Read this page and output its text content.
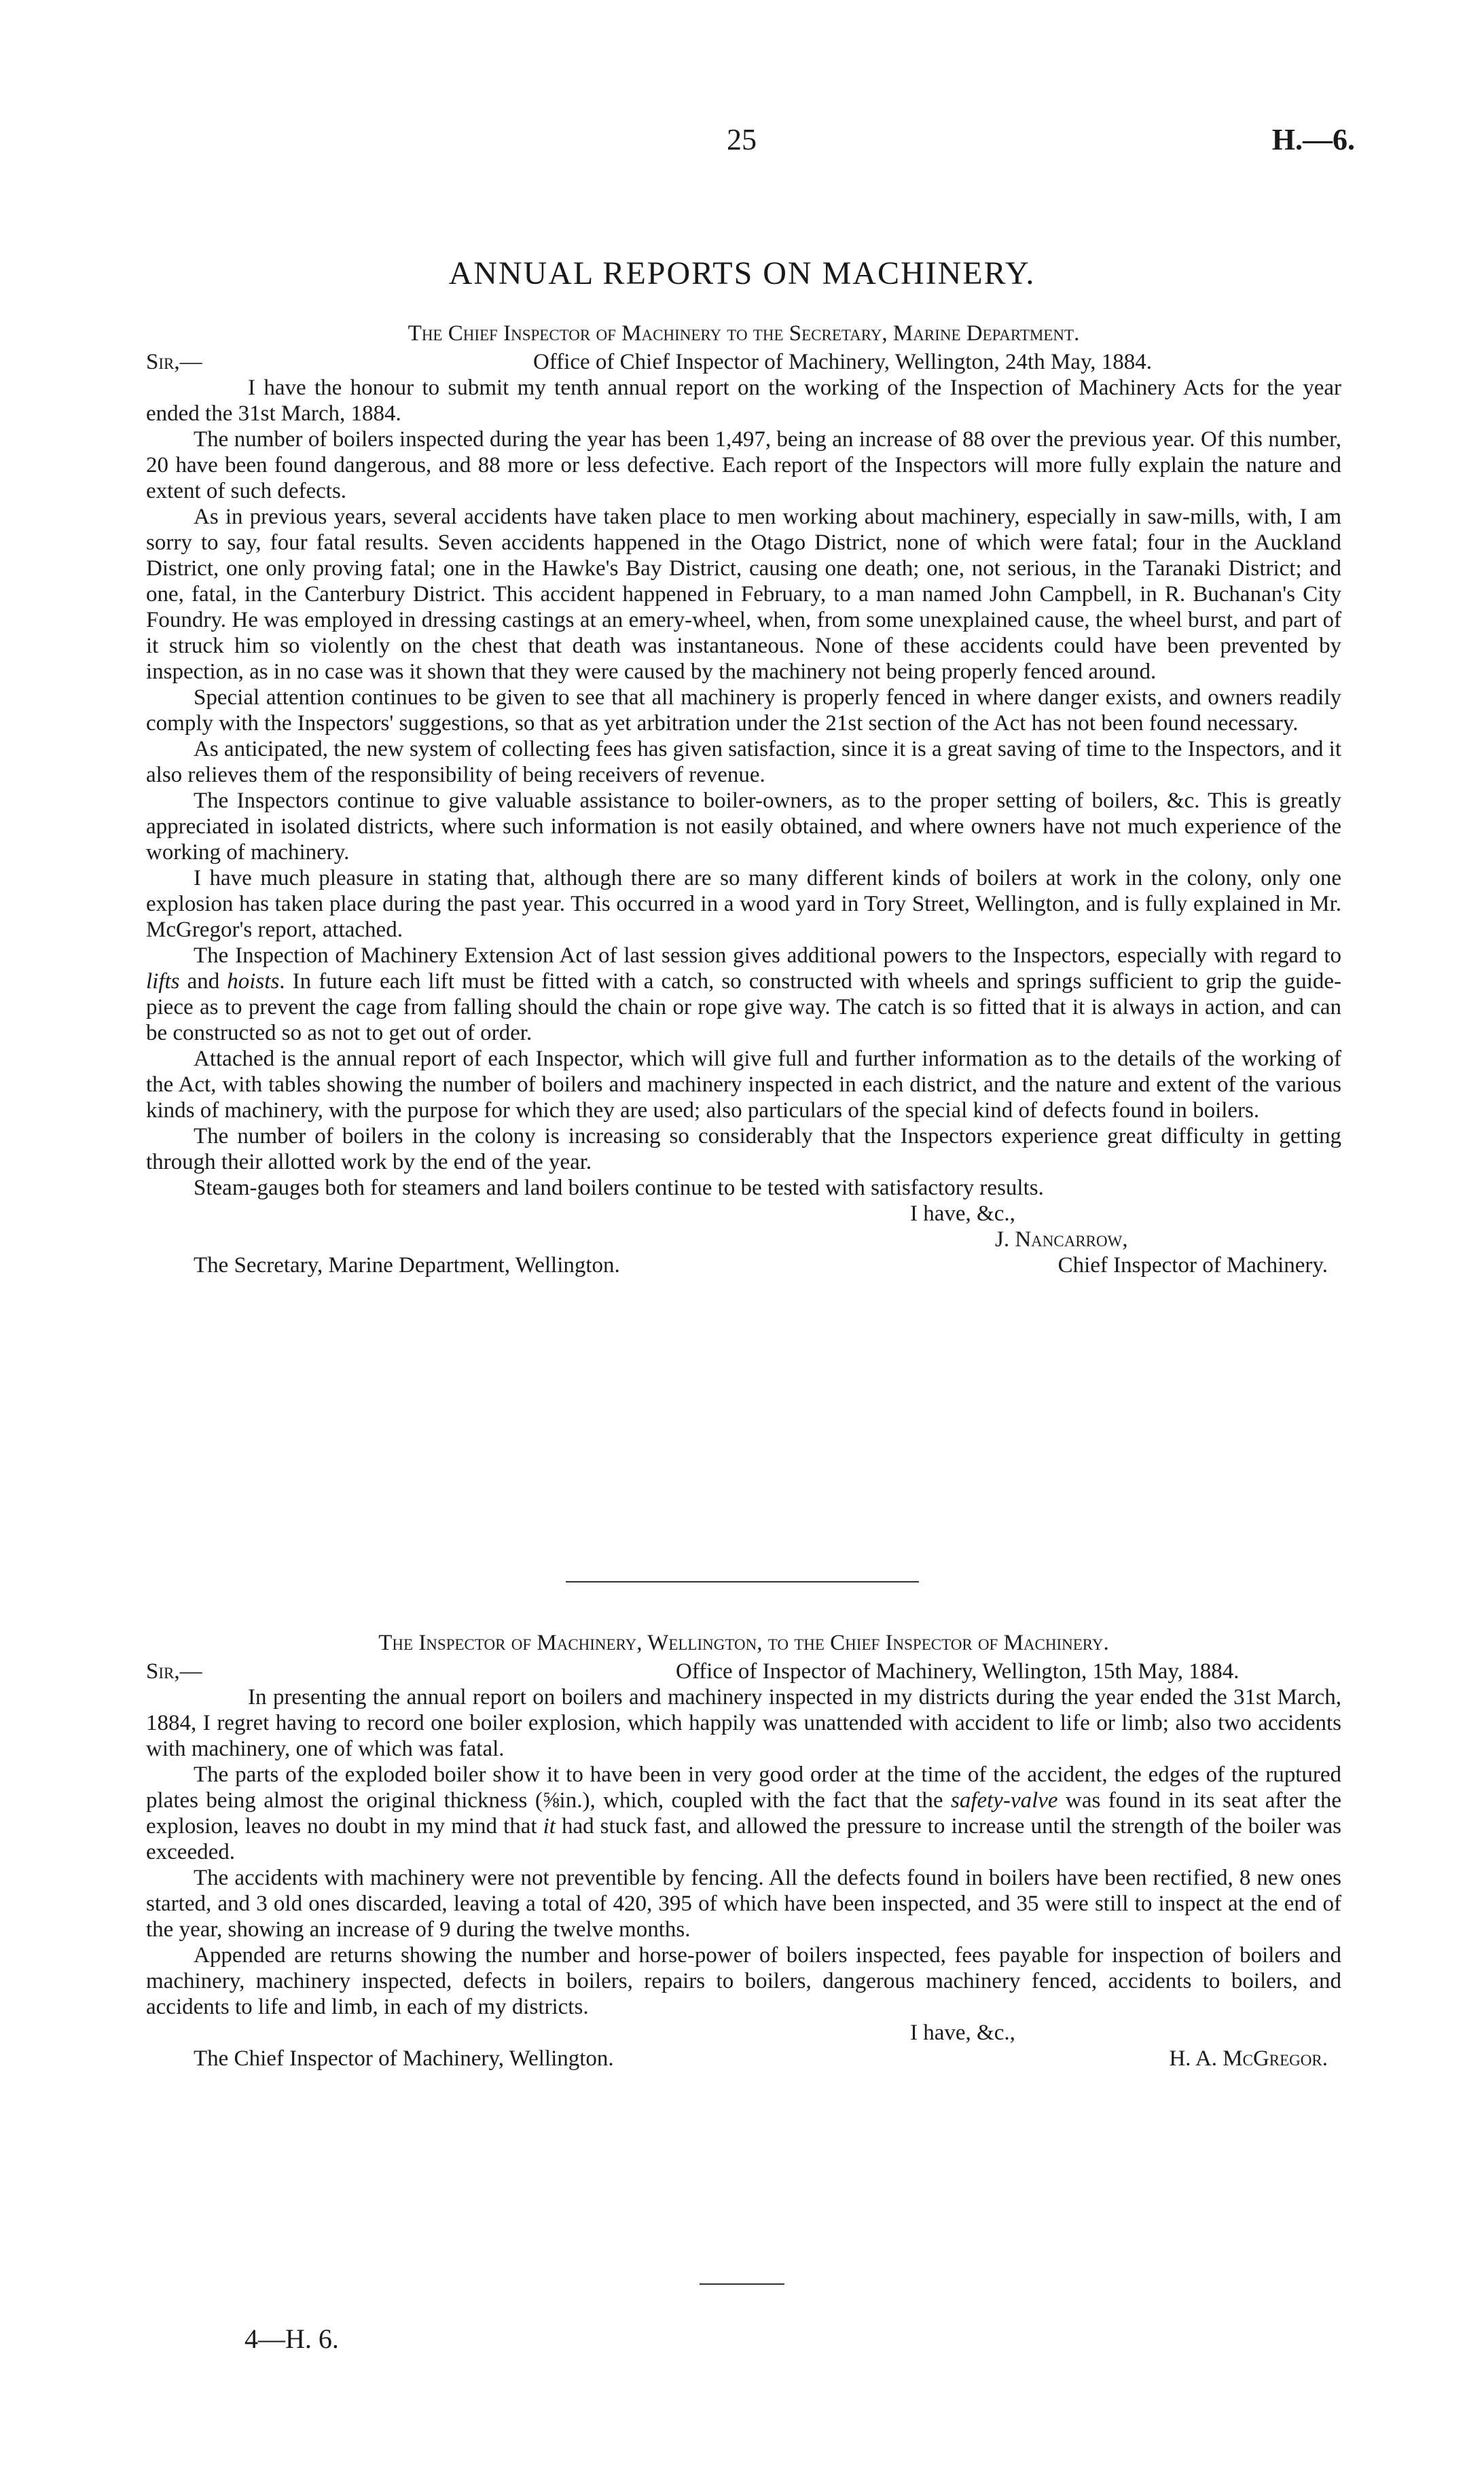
25	H.—6.
ANNUAL REPORTS ON MACHINERY.
The Chief Inspector of Machinery to the Secretary, Marine Department.
Sir,—	Office of Chief Inspector of Machinery, Wellington, 24th May, 1884.

I have the honour to submit my tenth annual report on the working of the Inspection of Machinery Acts for the year ended the 31st March, 1884.

The number of boilers inspected during the year has been 1,497, being an increase of 88 over the previous year. Of this number, 20 have been found dangerous, and 88 more or less defective. Each report of the Inspectors will more fully explain the nature and extent of such defects.

As in previous years, several accidents have taken place to men working about machinery, especially in saw-mills, with, I am sorry to say, four fatal results. Seven accidents happened in the Otago District, none of which were fatal; four in the Auckland District, one only proving fatal; one in the Hawke's Bay District, causing one death; one, not serious, in the Taranaki District; and one, fatal, in the Canterbury District. This accident happened in February, to a man named John Campbell, in R. Buchanan's City Foundry. He was employed in dressing castings at an emery-wheel, when, from some unexplained cause, the wheel burst, and part of it struck him so violently on the chest that death was instantaneous. None of these accidents could have been prevented by inspection, as in no case was it shown that they were caused by the machinery not being properly fenced around.

Special attention continues to be given to see that all machinery is properly fenced in where danger exists, and owners readily comply with the Inspectors' suggestions, so that as yet arbitration under the 21st section of the Act has not been found necessary.

As anticipated, the new system of collecting fees has given satisfaction, since it is a great saving of time to the Inspectors, and it also relieves them of the responsibility of being receivers of revenue.

The Inspectors continue to give valuable assistance to boiler-owners, as to the proper setting of boilers, &c. This is greatly appreciated in isolated districts, where such information is not easily obtained, and where owners have not much experience of the working of machinery.

I have much pleasure in stating that, although there are so many different kinds of boilers at work in the colony, only one explosion has taken place during the past year. This occurred in a wood yard in Tory Street, Wellington, and is fully explained in Mr. McGregor's report, attached.

The Inspection of Machinery Extension Act of last session gives additional powers to the Inspectors, especially with regard to lifts and hoists. In future each lift must be fitted with a catch, so constructed with wheels and springs sufficient to grip the guide-piece as to prevent the cage from falling should the chain or rope give way. The catch is so fitted that it is always in action, and can be constructed so as not to get out of order.

Attached is the annual report of each Inspector, which will give full and further information as to the details of the working of the Act, with tables showing the number of boilers and machinery inspected in each district, and the nature and extent of the various kinds of machinery, with the purpose for which they are used; also particulars of the special kind of defects found in boilers.

The number of boilers in the colony is increasing so considerably that the Inspectors experience great difficulty in getting through their allotted work by the end of the year.

Steam-gauges both for steamers and land boilers continue to be tested with satisfactory results.

I have, &c.,
J. Nancarrow,
The Secretary, Marine Department, Wellington.	Chief Inspector of Machinery.
The Inspector of Machinery, Wellington, to the Chief Inspector of Machinery.
Sir,—	Office of Inspector of Machinery, Wellington, 15th May, 1884.

In presenting the annual report on boilers and machinery inspected in my districts during the year ended the 31st March, 1884, I regret having to record one boiler explosion, which happily was unattended with accident to life or limb; also two accidents with machinery, one of which was fatal.

The parts of the exploded boiler show it to have been in very good order at the time of the accident, the edges of the ruptured plates being almost the original thickness (⅝in.), which, coupled with the fact that the safety-valve was found in its seat after the explosion, leaves no doubt in my mind that it had stuck fast, and allowed the pressure to increase until the strength of the boiler was exceeded.

The accidents with machinery were not preventible by fencing. All the defects found in boilers have been rectified, 8 new ones started, and 3 old ones discarded, leaving a total of 420, 395 of which have been inspected, and 35 were still to inspect at the end of the year, showing an increase of 9 during the twelve months.

Appended are returns showing the number and horse-power of boilers inspected, fees payable for inspection of boilers and machinery, machinery inspected, defects in boilers, repairs to boilers, dangerous machinery fenced, accidents to boilers, and accidents to life and limb, in each of my districts.

I have, &c.,
The Chief Inspector of Machinery, Wellington.	H. A. McGregor.
4—H. 6.
